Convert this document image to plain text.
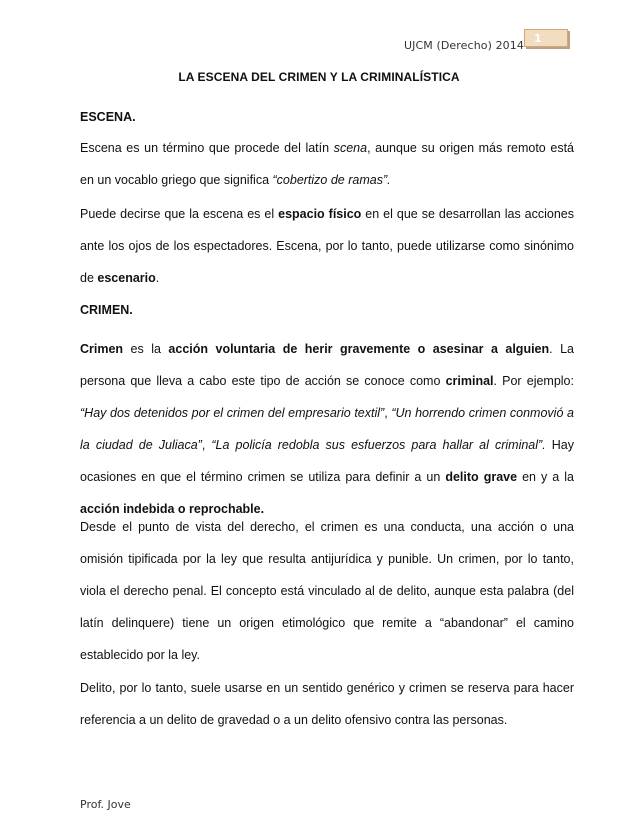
UJCM (Derecho) 2014
1
LA ESCENA DEL CRIMEN Y LA CRIMINALÍSTICA
ESCENA.
Escena es un término que procede del latín scena, aunque su origen más remoto está en un vocablo griego que significa “cobertizo de ramas”.
Puede decirse que la escena es el espacio físico en el que se desarrollan las acciones ante los ojos de los espectadores. Escena, por lo tanto, puede utilizarse como sinónimo de escenario.
CRIMEN.
Crimen es la acción voluntaria de herir gravemente o asesinar a alguien. La persona que lleva a cabo este tipo de acción se conoce como criminal. Por ejemplo: “Hay dos detenidos por el crimen del empresario textil”, “Un horrendo crimen conmovió a la ciudad de Juliaca”, “La policía redobla sus esfuerzos para hallar al criminal”. Hay ocasiones en que el término crimen se utiliza para definir a un delito grave en y a la acción indebida o reprochable.
Desde el punto de vista del derecho, el crimen es una conducta, una acción o una omisión tipificada por la ley que resulta antijurídica y punible. Un crimen, por lo tanto, viola el derecho penal. El concepto está vinculado al de delito, aunque esta palabra (del latín delinquere) tiene un origen etimológico que remite a “abandonar” el camino establecido por la ley.
Delito, por lo tanto, suele usarse en un sentido genérico y crimen se reserva para hacer referencia a un delito de gravedad o a un delito ofensivo contra las personas.
Prof. Jove
